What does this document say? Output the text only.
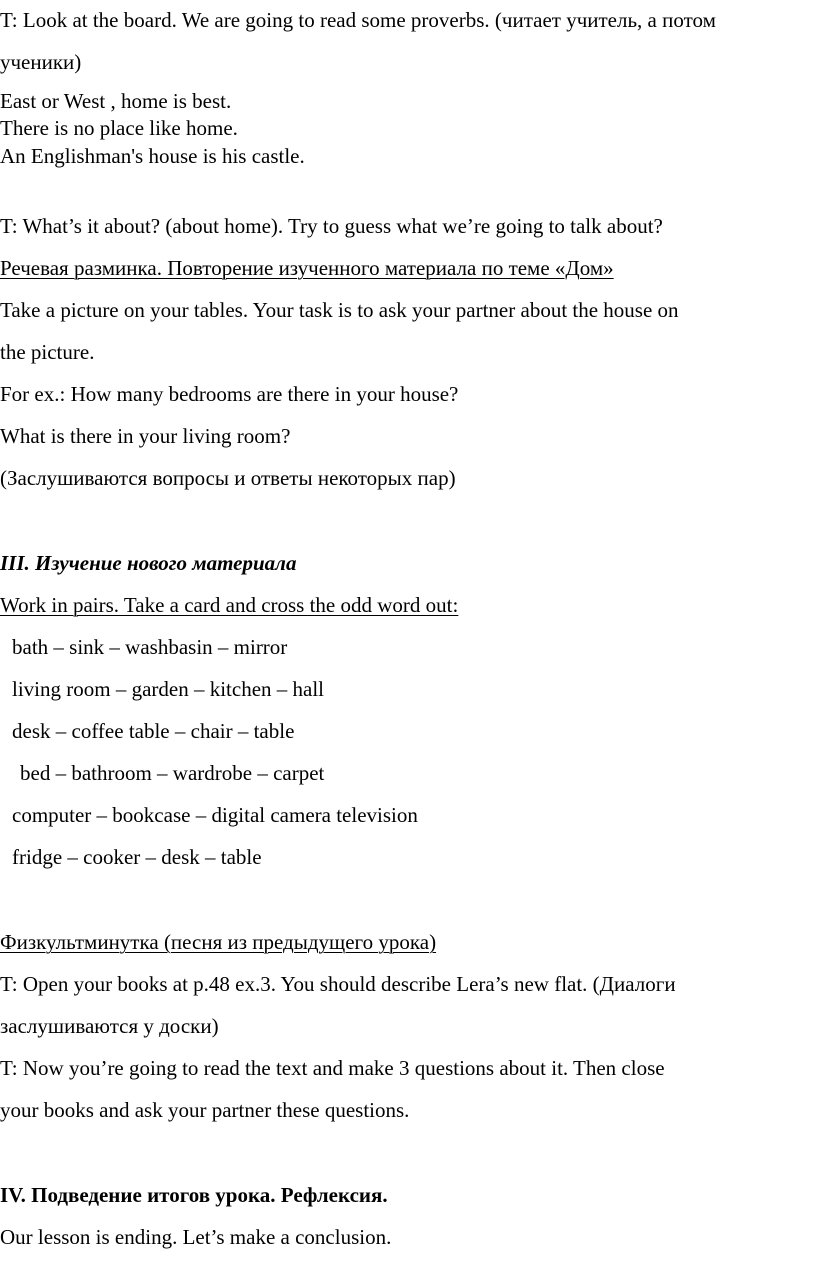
T: Look at the board. We are going to read some proverbs. (читает учитель, а потом
ученики)
East or West , home is best.
There is no place like home.
An Englishman's house is his castle.
T: What’s it about? (about home). Try to guess what we’re going to talk about?
Речевая разминка. Повторение изученного материала по теме «Дом»
Take a picture on your tables. Your task is to ask your partner about the house on
the picture.
For ex.: How many bedrooms are there in your house?
What is there in your living room?
(Заслушиваются вопросы и ответы некоторых пар)
III. Изучение нового материала
Work in pairs. Take a card and cross the odd word out:
bath – sink – washbasin – mirror
living room – garden – kitchen – hall
desk – coffee table – chair – table
bed – bathroom – wardrobe – carpet
computer – bookcase – digital camera television
fridge – cooker – desk – table
Физкультминутка (песня из предыдущего урока)
T: Open your books at p.48 ex.3. You should describe Lera’s new flat. (Диалоги
заслушиваются у доски)
T: Now you’re going to read the text and make 3 questions about it. Then close
your books and ask your partner these questions.
IV. Подведение итогов урока. Рефлексия.
Our lesson is ending. Let’s make a conclusion.
